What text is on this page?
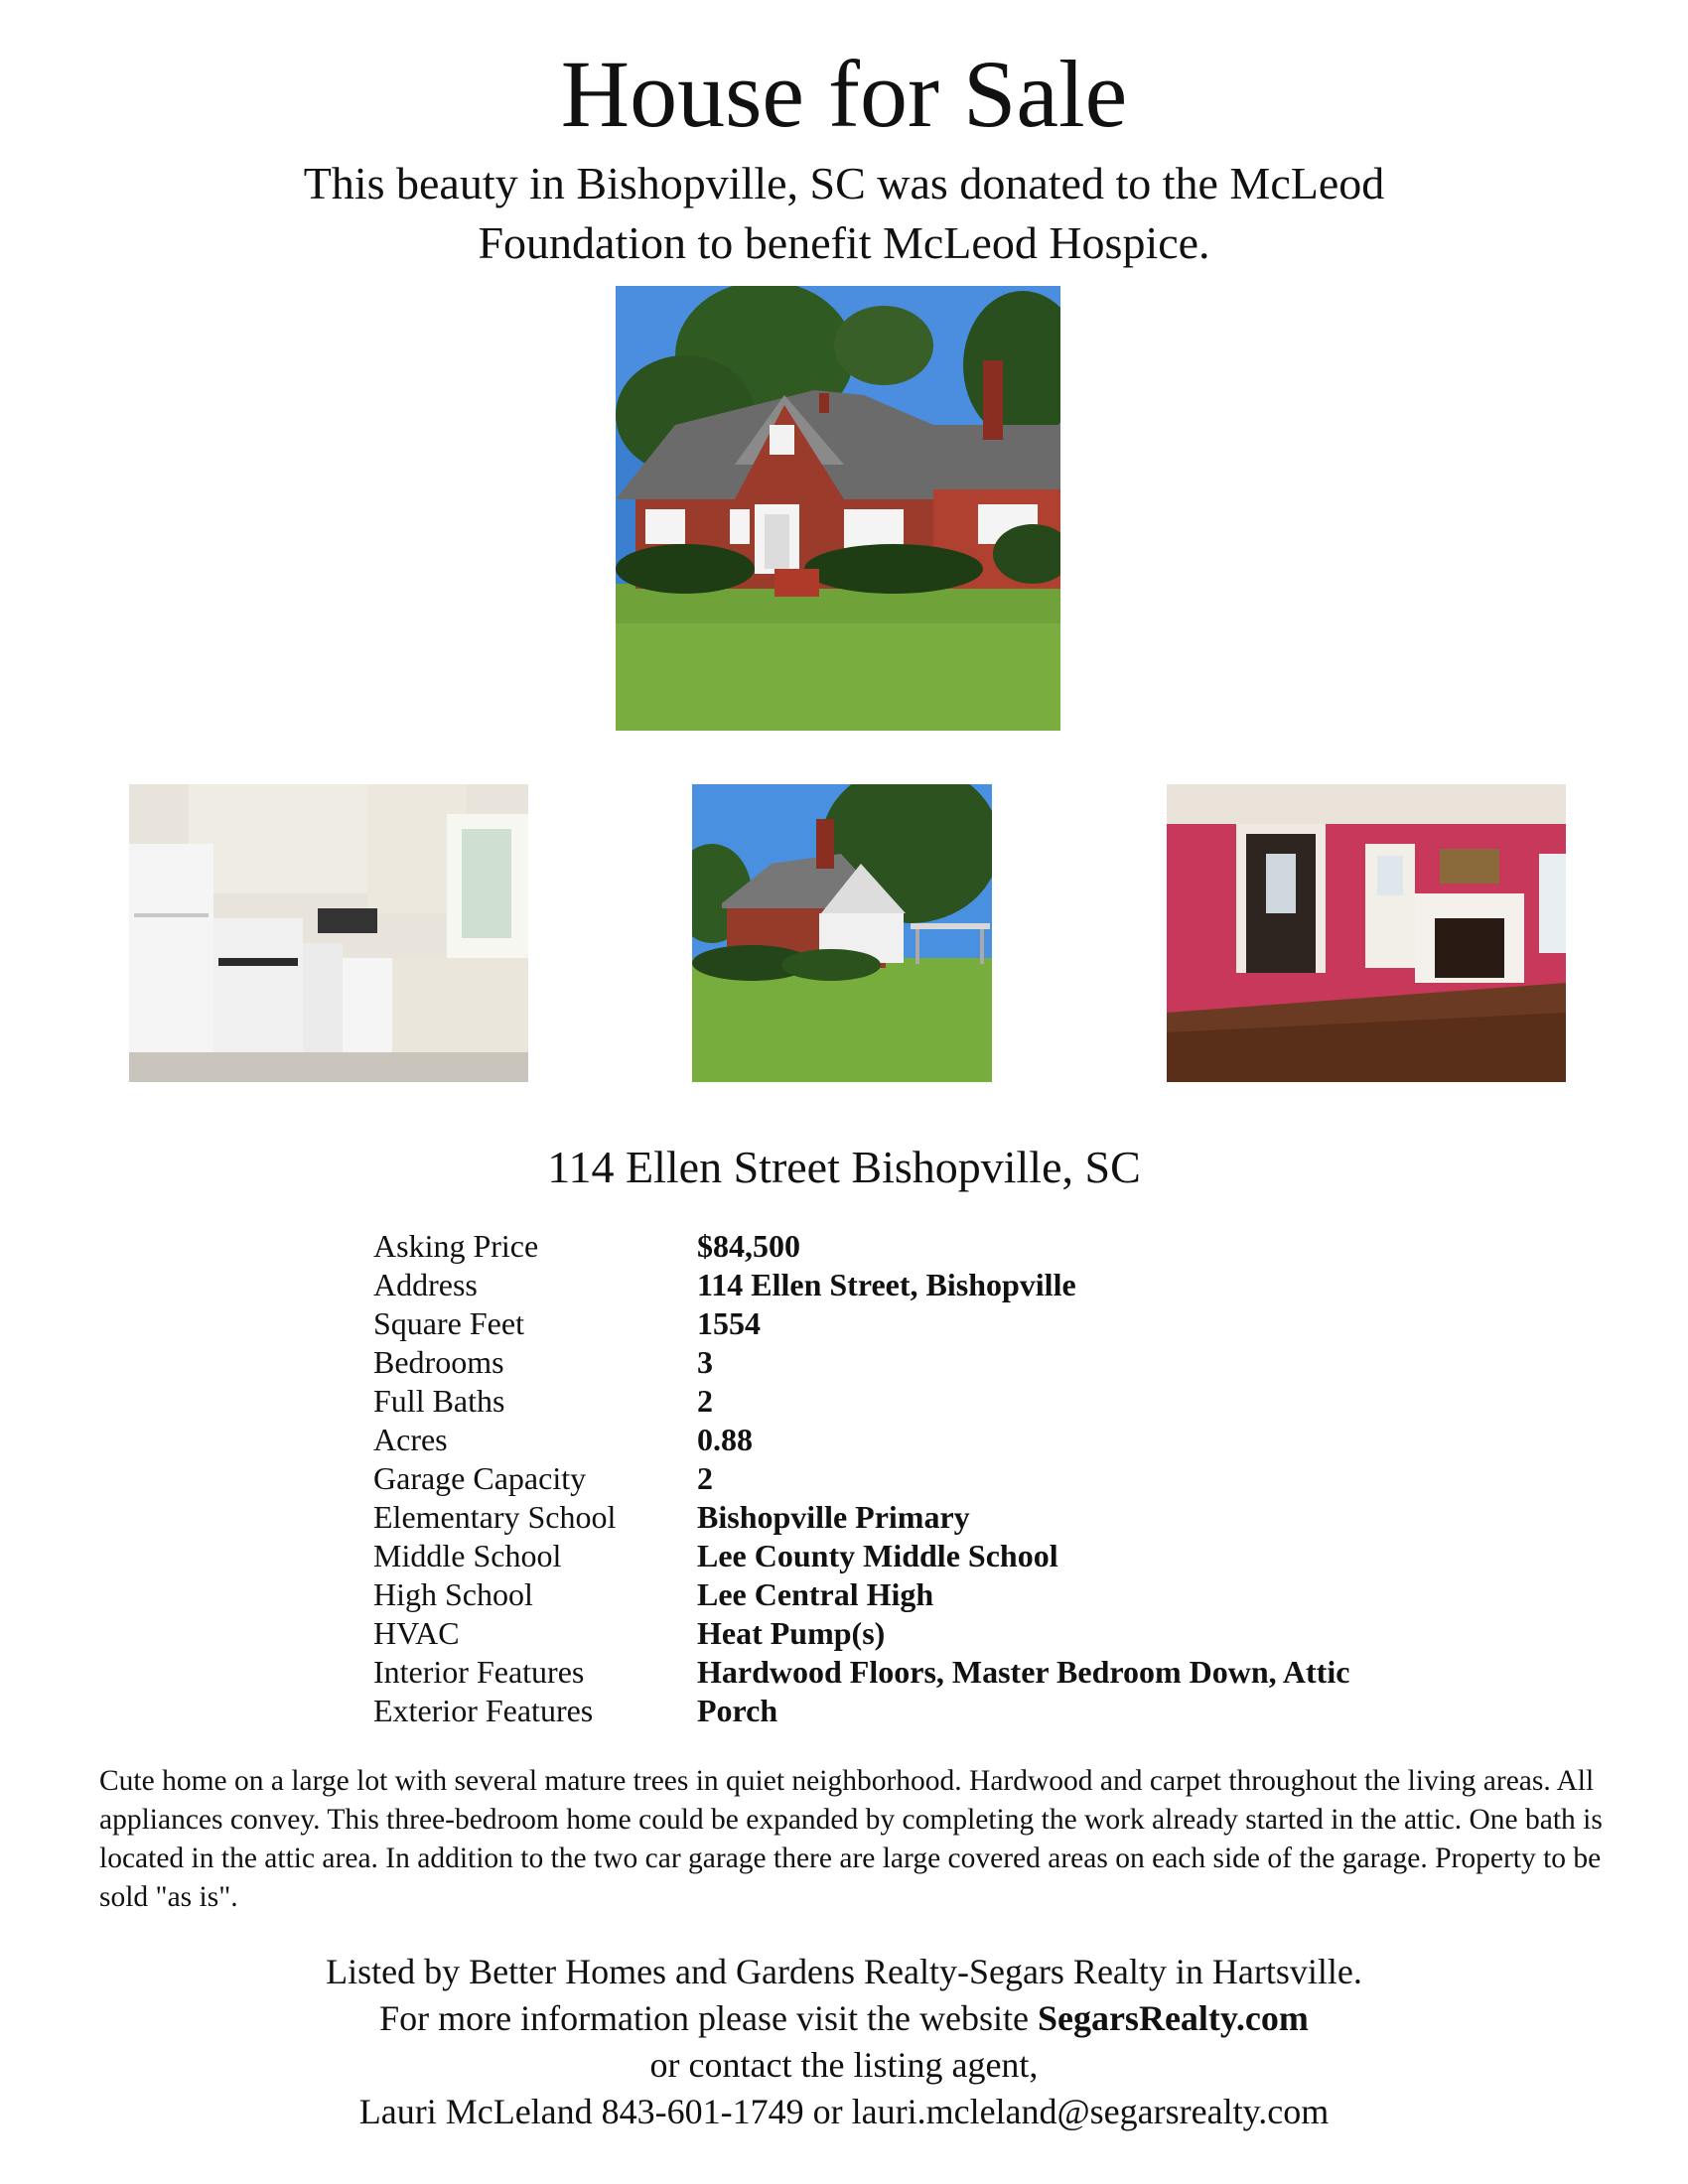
House for Sale
This beauty in Bishopville, SC was donated to the McLeod
Foundation to benefit McLeod Hospice.
114 Ellen Street Bishopville, SC
Asking Price	$84,500
Address	114 Ellen Street, Bishopville
Square Feet	1554
Bedrooms	3
Full Baths	2
Acres	0.88
Garage Capacity	2
Elementary School	Bishopville Primary
Middle School	Lee County Middle School
High School	Lee Central High
HVAC	Heat Pump(s)
Interior Features	Hardwood Floors, Master Bedroom Down, Attic
Exterior Features	Porch
Cute home on a large lot with several mature trees in quiet neighborhood. Hardwood and carpet throughout the living areas. All appliances convey. This three-bedroom home could be expanded by completing the work already started in the attic. One bath is located in the attic area. In addition to the two car garage there are large covered areas on each side of the garage. Property to be sold "as is".
Listed by Better Homes and Gardens Realty-Segars Realty in Hartsville.
For more information please visit the website SegarsRealty.com
or contact the listing agent,
Lauri McLeland 843-601-1749 or lauri.mcleland@segarsrealty.com
